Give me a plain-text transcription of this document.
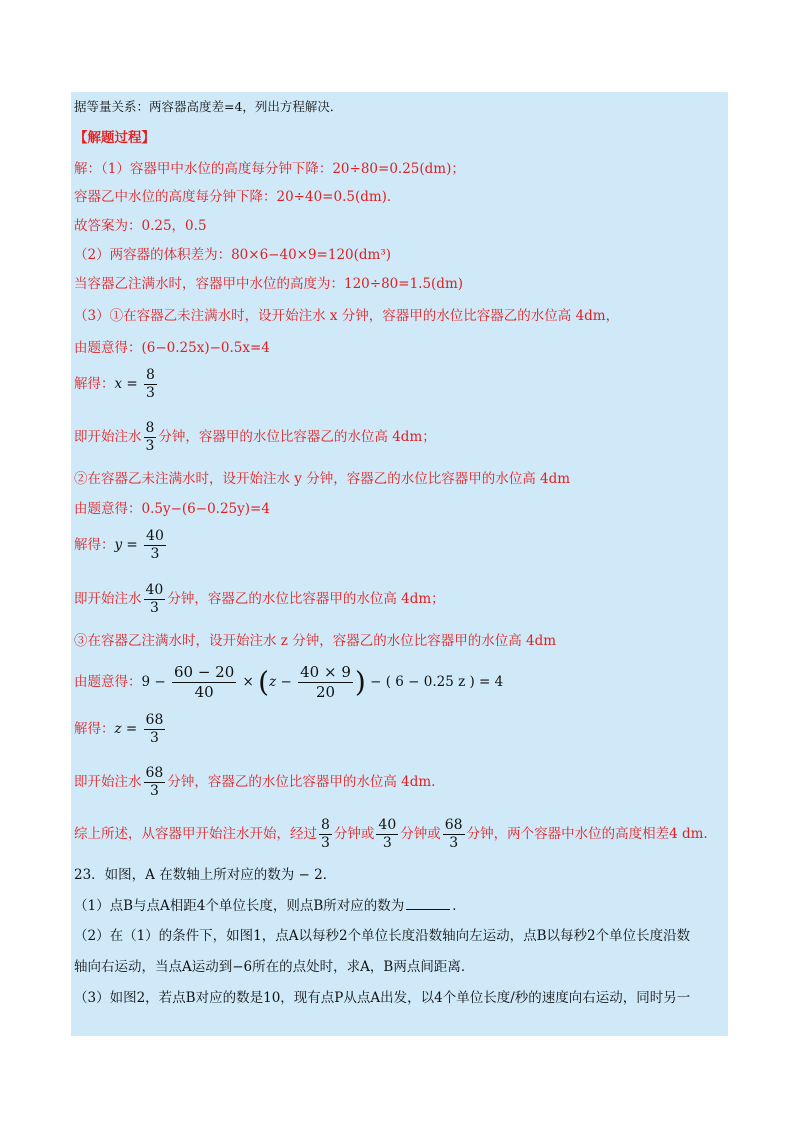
据等量关系：两容器高度差=4，列出方程解决．
【解题过程】
解：（1）容器甲中水位的高度每分钟下降：20÷80=0.25(dm)；
容器乙中水位的高度每分钟下降：20÷40=0.5(dm)．
故答案为：0.25，0.5
（2）两容器的体积差为：80×6−40×9=120(dm³)
当容器乙注满水时，容器甲中水位的高度为：120÷80=1.5(dm)
（3）①在容器乙未注满水时，设开始注水 x 分钟，容器甲的水位比容器乙的水位高 4dm，
由题意得：(6−0.25x)−0.5x=4
解得：$x = \frac{8}{3}$
即开始注水 $\frac{8}{3}$ 分钟，容器甲的水位比容器乙的水位高 4dm；
②在容器乙未注满水时，设开始注水 y 分钟，容器乙的水位比容器甲的水位高 4dm
由题意得：0.5y−(6−0.25y)=4
解得：$y = \frac{40}{3}$
即开始注水 $\frac{40}{3}$ 分钟，容器乙的水位比容器甲的水位高 4dm；
③在容器乙注满水时，设开始注水 z 分钟，容器乙的水位比容器甲的水位高 4dm
由题意得：$9 - \frac{60 - 20}{40} \times (z - \frac{40 \times 9}{20}$ ) − ( 6 − 0.25 z ) = 4
解得：$z = \frac{68}{3}$
即开始注水 $\frac{68}{3}$ 分钟，容器乙的水位比容器甲的水位高 4dm.
综上所述，从容器甲开始注水开始，经过 $\frac{8}{3}$ 分钟或 $\frac{40}{3}$ 分钟或 $\frac{68}{3}$ 分钟，两个容器中水位的高度相差4 dm.
23．如图，A 在数轴上所对应的数为 − 2．
（1）点B与点A相距4个单位长度，则点B所对应的数为	．
（2）在（1）的条件下，如图1，点A以每秒2个单位长度沿数轴向左运动，点B以每秒2个单位长度沿数
轴向右运动，当点A运动到−6所在的点处时，求A，B两点间距离．
（3）如图2，若点B对应的数是10，现有点P从点A出发，以4个单位长度/秒的速度向右运动，同时另一
